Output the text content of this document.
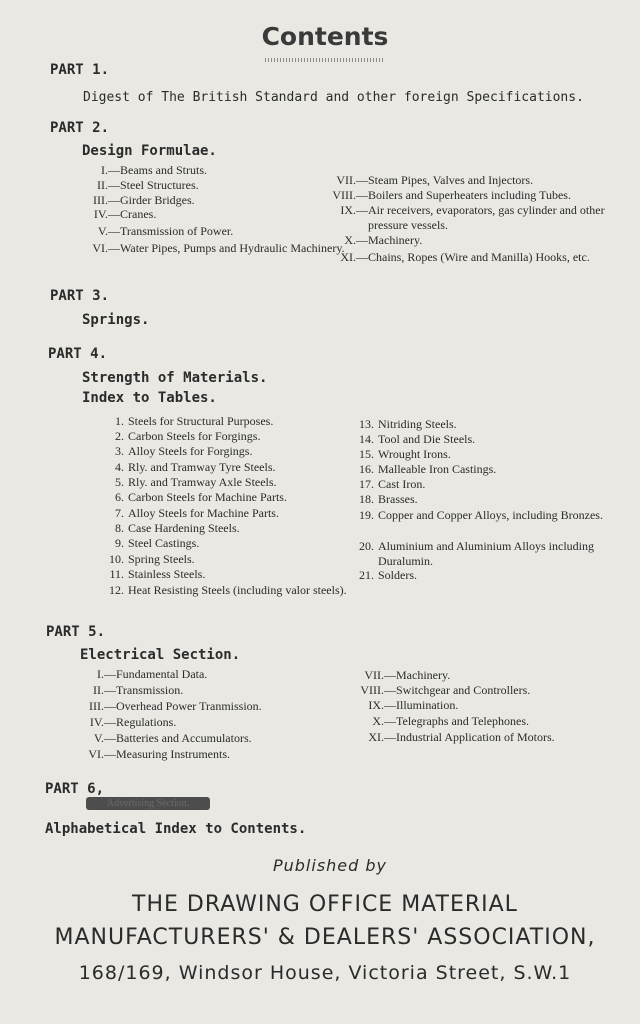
Contents
PART 1.
Digest of The British Standard and other foreign Specifications.
PART 2.
Design Formulae.
I.—Beams and Struts.
II.—Steel Structures.
III.—Girder Bridges.
IV.—Cranes.
V.—Transmission of Power.
VI.—Water Pipes, Pumps and Hydraulic Machinery.
VII.—Steam Pipes, Valves and Injectors.
VIII.—Boilers and Superheaters including Tubes.
IX.—Air receivers, evaporators, gas cylinder and other pressure vessels.
X.—Machinery.
XI.—Chains, Ropes (Wire and Manilla) Hooks, etc.
PART 3.
Springs.
PART 4.
Strength of Materials.
Index to Tables.
1. Steels for Structural Purposes.
2. Carbon Steels for Forgings.
3. Alloy Steels for Forgings.
4. Rly. and Tramway Tyre Steels.
5. Rly. and Tramway Axle Steels.
6. Carbon Steels for Machine Parts.
7. Alloy Steels for Machine Parts.
8. Case Hardening Steels.
9. Steel Castings.
10. Spring Steels.
11. Stainless Steels.
12. Heat Resisting Steels (including valor steels).
13. Nitriding Steels.
14. Tool and Die Steels.
15. Wrought Irons.
16. Malleable Iron Castings.
17. Cast Iron.
18. Brasses.
19. Copper and Copper Alloys, including Bronzes.
20. Aluminium and Aluminium Alloys including Duralumin.
21. Solders.
PART 5.
Electrical Section.
I.—Fundamental Data.
II.—Transmission.
III.—Overhead Power Tranmission.
IV.—Regulations.
V.—Batteries and Accumulators.
VI.—Measuring Instruments.
VII.—Machinery.
VIII.—Switchgear and Controllers.
IX.—Illumination.
X.—Telegraphs and Telephones.
XI.—Industrial Application of Motors.
PART 6,
Advertising Section.
Alphabetical Index to Contents.
Published by
THE DRAWING OFFICE MATERIAL
MANUFACTURERS' & DEALERS' ASSOCIATION,
168/169, Windsor House, Victoria Street, S.W.1
